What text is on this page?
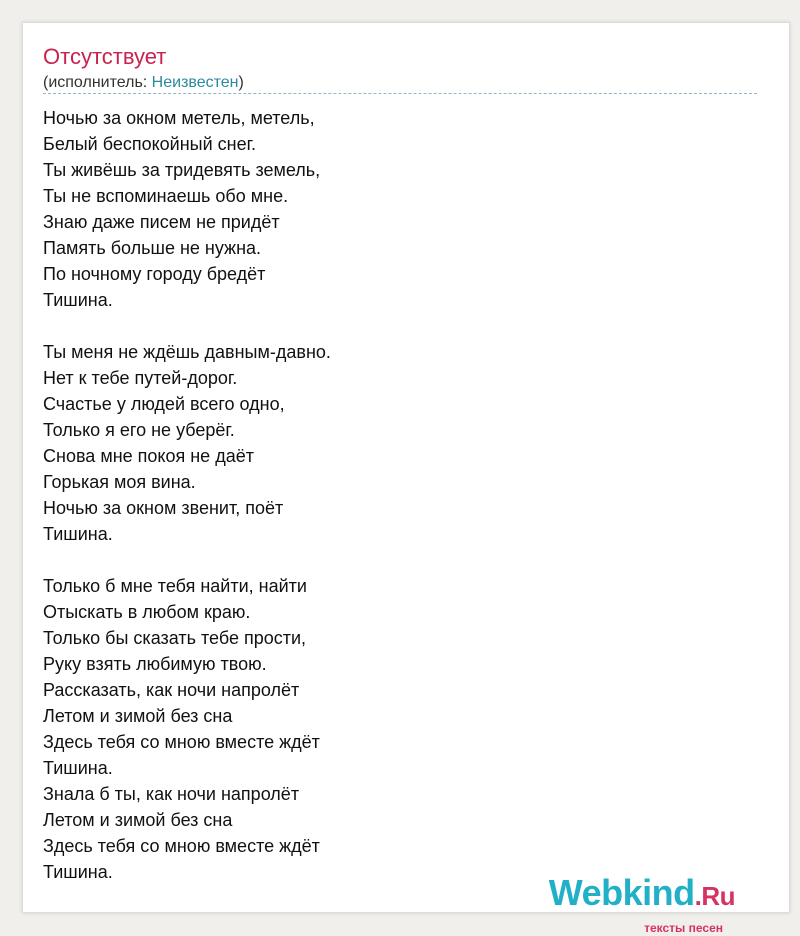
Отсутствует
(исполнитель: Неизвестен)
Ночью за окном метель, метель,
Белый беспокойный снег.
Ты живёшь за тридевять земель,
Ты не вспоминаешь обо мне.
Знаю даже писем не придёт
Память больше не нужна.
По ночному городу бредёт
Тишина.
Ты меня не ждёшь давным-давно.
Нет к тебе путей-дорог.
Счастье у людей всего одно,
Только я его не уберёг.
Снова мне покоя не даёт
Горькая моя вина.
Ночью за окном звенит, поёт
Тишина.
Только б мне тебя найти, найти
Отыскать в любом краю.
Только бы сказать тебе прости,
Руку взять любимую твою.
Рассказать, как ночи напролёт
Летом и зимой без сна
Здесь тебя со мною вместе ждёт
Тишина.
Знала б ты, как ночи напролёт
Летом и зимой без сна
Здесь тебя со мною вместе ждёт
Тишина.	Webkind.Ru
тексты песен
